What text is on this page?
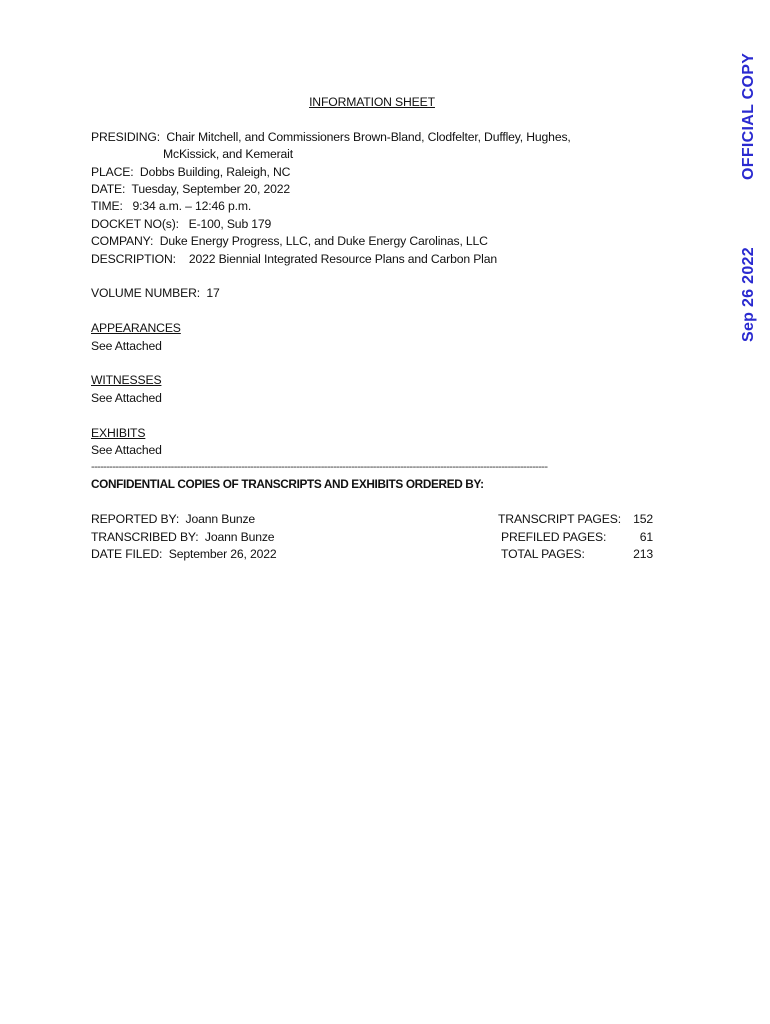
INFORMATION SHEET
PRESIDING: Chair Mitchell, and Commissioners Brown-Bland, Clodfelter, Duffley, Hughes,
McKissick, and Kemerait
PLACE:  Dobbs Building, Raleigh, NC
DATE:  Tuesday, September 20, 2022
TIME:   9:34 a.m. – 12:46 p.m.
DOCKET NO(s):   E-100, Sub 179
COMPANY:  Duke Energy Progress, LLC, and Duke Energy Carolinas, LLC
DESCRIPTION:    2022 Biennial Integrated Resource Plans and Carbon Plan
VOLUME NUMBER:  17
APPEARANCES
See Attached
WITNESSES
See Attached
EXHIBITS
See Attached
-----------------------------------------------------------------------------------------------------------------------------------------------------
CONFIDENTIAL COPIES OF TRANSCRIPTS AND EXHIBITS ORDERED BY:
REPORTED BY:  Joann Bunze
TRANSCRIBED BY:  Joann Bunze
DATE FILED:  September 26, 2022
TRANSCRIPT PAGES: 152
PREFILED PAGES:	61
TOTAL PAGES:	213
OFFICIAL COPY
Sep 26 2022
